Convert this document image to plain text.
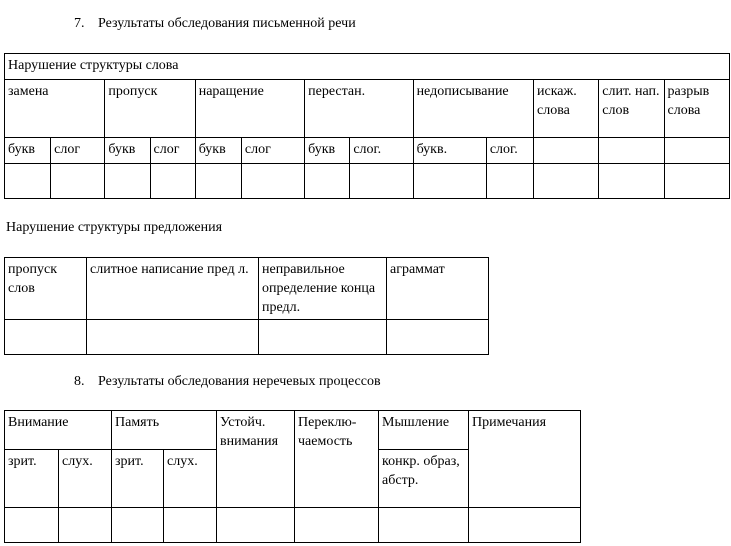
7. Результаты обследования письменной речи
Нарушение структуры слова												
замена		пропуск		наращение		перестан.		недописывание		искаж. слова	слит. нап. слов	разрыв слова

букв	слог	букв	слог	букв	слог	букв	слог.	букв.	слог.			

Нарушение структуры предложения
пропуск слов	слитное написание пред л.	неправильное определение конца предл.	аграммат

8. Результаты обследования неречевых процессов
Внимание		Память		Устойч. внимания	Переклю-чаемость	Мышление	Примечания
зрит.	слух.	зрит.	слух.			конкр. образ, абстр.	
